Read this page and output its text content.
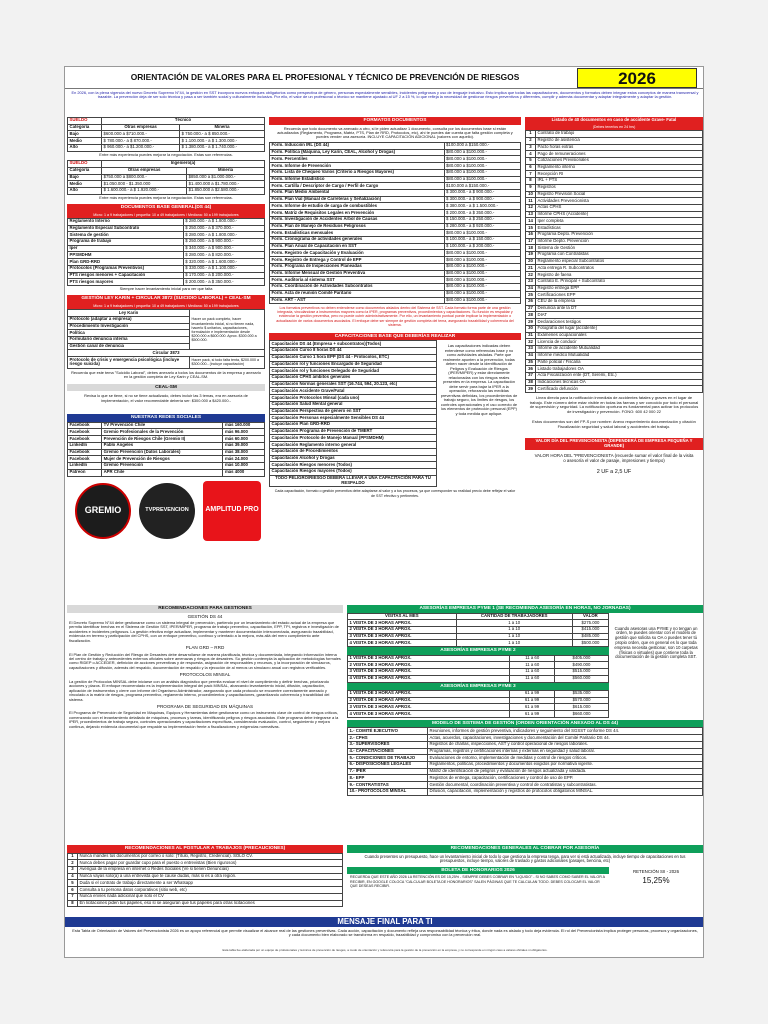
ORIENTACIÓN DE VALORES PARA EL PROFESIONAL Y TÉCNICO DE PREVENCIÓN DE RIESGOS	2026
En 2026, con la plena vigencia del nuevo Decreto Supremo N°44, la gestión en SST incorpora nuevos enfoques obligatorios como perspectiva de género, personas especialmente sensibles, incidentes peligrosos y uso de lenguaje inclusivo. Esto implica que todas las capacitaciones, documentos y formatos deben integrar estos conceptos de manera transversal y trazable. La prevención deja de ser solo técnica y pasa a ser también social y culturalmente inclusiva. Por ello, el valor de un profesional o técnico se mantiene ajustado al UF 2 a 15 %, lo que refleja la necesidad de gestionar riesgos preventivos y diferentes, cumplir y además documentar y adaptar integralmente y adaptar la gestión.
SUELDO	Técnico	
Categoría	Otras empresas	Minería
Bajo	$600.000 a $710.000.-	$ 750.000.- a $ 850.000.-
Medio	$ 780.000.- a $ 870.000.-	$ 1.100.000.- a $ 1.300.000.-
Alto	$ 960.000.- a $1.200.000.-	$ 1.380.000.- a $ 1.740.000.-
Entre más experiencia puedes mejorar la negociación. Estas son referencias.
SUELDO	Ingeniero(a)	
Categoría	Otras empresas	Minería
Bajo	$750.000 a $800.000.-	$850.000 a $1.000.000.-
Medio	$1.050.000 - $1.350.000	$1.400.000 a $1.780.000.-
Alto	$ 1.600.000.- a $ 1.920.000.-	$1.850.000 a $2.580.000.-
Entre más experiencia puedes mejorar la negociación. Estas son referencias.
DOCUMENTOS BASE GENERAL(DS 44)
Micro: 1 a 9 trabajadores / pequeña: 10 a 49 trabajadores / Mediana: 50 a 199 trabajadores
Reglamento Interno	$ 280.000.- a $ 1.800.000.-
Reglamento Especial Subcontrato	$ 250.000.- a $ 370.000.-
Sistema de gestión	$ 280.000.- a $ 1.800.000.-
Programa de trabajo	$ 250.000.- a $ 900.000.-
Iper	$ 340.000.- a $ 900.000.-
PPSMDHM	$ 280.000.- a $ 820.000.-
Plan GRD-RRD	$ 320.000.- a $ 1.600.000.-
Protocolos (Programas Preventivos)	$ 330.000.- a $ 1.100.000.-
PTS riesgos menores + Capacitación	$ 170.000.- a $ 200.000.-
PTS riesgos mayores	$ 200.000.- a $ 350.000.-
Siempre hacer levantamiento inicial para ver que falta
GESTIÓN LEY KARIN + CIRCULAR 3872 (SUICIDIO LABORAL) + CEAL-SM
Micro: 1 a 9 trabajadores / pequeña: 10 a 49 trabajadores / Mediana: 50 a 199 trabajadores
Ley Karin	Hacer un pack completo, hacer levantamiento inicial, si no tienen nada, hacerlo $ unitarios, capacitaciones, formulación e implementación desde $200.000 a $600.000. Aprox. $300.000 a $500.000.
Protocolo (adaptar a empresa)	
Procedimiento Investigación	
Política	
Formulario denuncia interna	
Gestión canal de denuncia	
Circular 3873	
Protocolo de crisis y emergencia psicológica (incluye riesgo suicida)	Hacer pack, si todo falta tenta, $200.000 a $300.000.- (incluye capacitación)
Recuerda que este tema "Suicidio Laboral", debes anexarlo a todos los documentos de la empresa y anexarlo en la gestión completa de Ley Karin y CEAL-SM.
CEAL-SM
Revisa lo que se tiene, si no se tiene actualizado, debes incluir las 3 temas, era en asesoría de implementación, el valor recomendable debería ser: $300.000 a $420.000.-
NUESTRAS REDES SOCIALES
Facebook	TV Prevención Chile	más 160.000
Facebook	Gremio Profesionales de la Prevención	más 96.000
Facebook	Prevención de Riesgos Chile (Gremio II)	más 60.000
LinkedIn	Pablo Ángeles	más 39.000
Facebook	Gremio Prevención (Datos Laborales)	más 38.000
Facebook	Mujer de Prevención de Riesgos	más 24.000
LinkedIn	Gremio Prevención	más 10.000
Patreon	APR Chile	más 4000
GREMIO	TVPREVENCION AMPLITUD PRO
FORMATOS DOCUMENTOS
Recuerda que todo documento va anexado a otro, si le piden actualizar 1 documento, consulta por los documentos base si están actualizados (Reglamento, Programa, Matriz, PTS, Plan de RRD, Protocolos, etc), ahí te puedes dar cuenta que falta gestión completa y puedes vender una asesoría. INCLUYE CAPACITACIÓN ADICIONAL (valores con aquello).
Form. Inducción IRL (DS 44)	$100.000 a $150.000.-
Form. Política (Máquina, Ley Karin, CEAL, Alcohol y Drogas)	$80.000 a $100.000.-
Form. Percentiles	$80.000 a $100.000.-
Form. Informe de Prevención	$80.000 a $100.000.-
Form. Lista de Chequeo Varios (Criterio a Riesgos Mayores)	$80.000 a $100.000.-
Form. Informe Estadístico	$80.000 a $100.000.-
Form. Cartilla / Descriptor de Cargo / Perfil de Cargo	$100.000 a $150.000.-
Form. Plan Medio Ambiental	$ 300.000.- a $ 900.000.-
Form. Plan Vial (Manual de Carreteras y Señalización)	$ 300.000.- a $ 900.000.-
Form. Informe de estudio de carga de combustibles	$ 380.000.- a $ 1.500.000.-
Form. Matriz de Requisitos Legales en Prevención	$ 200.000.- a $ 350.000.-
Form. Investigación de Accidentes Árbol de Causas	$ 150.000.- a $ 250.000.-
Form. Plan de Manejo de Residuos Peligrosos	$ 280.000.- a $ 920.000.-
Form. Estadísticas mensuales	$80.000 a $100.000.-
Form. Cronograma de actividades generales	$ 100.000.- a $ 150.000.-
Form. Plan Anual de Capacitación en SST	$ 100.000.- a $ 200.000.-
Form. Registro de Capacitación y Evaluación	$80.000 a $100.000.-
Form. Registro de Entrega y Control de EPP	$80.000 a $100.000.-
Form. Programa de Inspecciones Planeadas	$80.000 a $100.000.-
Form. Informe Mensual de Gestión Preventiva	$80.000 a $100.000.-
Form. Auditoría al sistema SST	$80.000 a $100.000.-
Form. Coordinación de Actividades Subcontratos	$80.000 a $100.000.-
Form. Acta de reunión Comité Paritario	$80.000 a $100.000.-
Form. ART - AST	$80.000 a $100.000.-
Los formatos preventivos no deben entenderse como documentos aislados dentro del Sistema de SST. Cada formato forma parte de una gestión integrada, vinculándose a instrumentos mayores como la IPER, programas preventivos, procedimientos y capacitaciones. Su función es respaldar y evidenciar la gestión preventiva, pero no puede cubrir administrativamente. Por ello, un levantamiento puntual puede implicar la implementación o actualización de varios documentos asociados. El enfoque debe ser siempre de gestión completa del tema, asegurando trazabilidad y coherencia del sistema.
CAPACITACIONES BASE QUE DEBERÍAS REALIZAR
Capacitación DS 44 (Empresa + subcontratos)(Todos)
Capacitación Curso 8 horas DS 44
Capacitación Curso 1 hora EPP (DS 44 - Protocolos, ETC)
Capacitación rol y funciones Encargado de Seguridad
Capacitación rol y funciones Delegado de Seguridad
Capacitación CPHS ámbitos generales
Capacitación Normas generales SST (16.744, 594, 20.123, etc)
Capacitación Accidente Grave/Fatal
Capacitación Protocolos Minsal (cada uno)
Capacitación Salud Mental general
Capacitación Perspectiva de género en SST
Capacitación Personas especialmente Sensibles DS 44
Capacitación Plan GRD-RRD
Capacitación Programa de Prevención de TMERT
Capacitación Protocolo de Manejo Manual (PPSMDHM)
Capacitación Reglamento interno general
Capacitación de Procedimientos
Capacitación Alcohol y Drogas
Capacitación Riesgos menores (Todos)
Capacitación Riesgos mayores (Todos)
TODO PELIGRO/RIESGO DEBERÁ LLEVAR A UNA CAPACITACIÓN PARA TU RESPALDO
Las capacitaciones indicadas deben entenderse como referencias base y no como actividades aisladas. Parte que realmente apunten a la prevención, todas deben nacer desde la identificación de Peligros y Evaluación de Riesgos (IPER/MIPER) y estar directamente relacionadas con los riesgos reales presentes en la empresa. La capacitación debe servir para bajar la IPER a la operación, reforzando las medidas preventivas definidas, los procedimientos de trabajo seguro, los límites de riesgos, los controles operacionales y el uso correcto de los elementos de protección personal (EPP) y toda medida que aplique.
Cada capacitación, formato o gestión preventiva debe adaptarse al valor y a tus procesos, ya que corresponder su realidad precio debe reflejar el valor de SST efectivo y pertinentes.
Listado de 40 documentos en caso de accidente Grave- Fatal
(Debes tenerlos en 24 hrs)
1	Contrato de trabajo
2	Registro de asistencia
3	Pacto horas extras
4	Pago de remuneraciones
5	Cotizaciones Previsionales
6	Reglamento interno
7	Recepción RI
8	IRL + PTS
9	Registros
10	Registro Previsión Social
11	Actividades Prevencionista
12	Actas CPHS
13	Informe CPHS (Accidente)
14	Iper completa
15	Estadísticas
16	Programa Depto. Prevención
17	Informe Depto. Prevención
18	Sistema de Gestión
19	Programa con Contratistas
20	Reglamento especial Subcontratos
21	Acta entrega R. Subcontratos
22	Registro de faena
23	Contrato E. Principal + Subcontrato
24	Registro entrega EPP
25	Certificaciones EPP
26	CEU de la empresa
27	Denuncia ante la DT
28	DIAT
29	Declaraciones testigos
30	Fotografía del lugar [accidente]
31	Exámenes ocupacionales
32	Licencia de conducir
33	Informe de accidente Mutualidad
34	Informe médico Mutualidad
35	Parte policial / Fiscalía
36	Listado trabajadores OA
37	Acta Fiscalización ente (DT, Seremi, Etc.)
38	Indicaciones técnicas OA
39	Certificado defunción
Línea directa para la notificación inmediata de accidentes fatales y graves en el lugar de trabajo. Este número debe estar visible en todas las faenas y ser conocido por todo el personal de supervisión y seguridad. La notificación oportuna es fundamental para activar los protocolos de investigación y prevención. FONO: 600 42 000 22
Estos documentos son del FP-S por nombre: Anexo requerimiento documentación y citación Fiscalización seguridad y salud laboral y accidentes del trabajo.
VALOR DÍA DEL PREVENCIONISTA (DEPENDERÁ DE EMPRESA PEQUEÑA Y GRANDE)
VALOR HORA DEL "PREVENCIONISTA (recuerde sumar el valor final de la visita o asesoría el valor de pasaje, impresiones y tiempo)
2 UF a 2,5 UF
RECOMENDACIONES PARA GESTIONES
GESTIÓN DS 44
El Decreto Supremo N°44 debe gestionarse como un sistema integral de prevención, partiendo por un levantamiento del estado actual de la empresa que permita identificar brechas en el Sistema de Gestión SST, IPER/MIPER, programa de trabajo preventivo, capacitación, EPP, TPI, registros e investigación de accidentes e incidentes peligrosos. La gestión efectiva exige actualizar, implementar y mantener documentación interconectada, asegurando trazabilidad, evidencia en terreno y participación del CPHS, con un enfoque preventivo, continuo y orientado a la mejora, más allá del mero cumplimiento ante fiscalización.
PLAN GRD – RRD
El Plan de Gestión y Reducción del Riesgo de Desastres debe desarrollarse de manera planificada, técnica y documentada, integrando información interna del centro de trabajo y antecedentes externos oficiales sobre amenazas y riesgos de desastres. Su gestión contempla la aplicación de metodologías formales como RIDEP o ACCEDER, definición de acciones preventivas y de respuesta, asignación de responsables y recursos, y la incorporación de simulacros, capacitaciones y difusión, además del respaldo, documentación de respaldo y la ejecución de al menos un simulacro anual con registros verificables.
PROTOCOLOS MINSAL
La gestión de Protocolos MINSAL debe iniciarse con un análisis diagnóstico que permita evaluar el nivel de cumplimiento y definir brechas, priorizando acciones y plazos. El enfoque recomendado es la implementación integral del pack MINSAL, abarcando levantamiento inicial, difusión, capacitación, aplicación de instrumentos y cierre con informe del Organismo Administrador, asegurando que cada protocolo se encuentre correctamente anexado y vinculado a la matriz de riesgos, programa preventivo, reglamento interno, procedimientos y capacitaciones, garantizando coherencia y trazabilidad del sistema.
PROGRAMA DE SEGURIDAD EN MÁQUINAS
El Programa de Prevención de Seguridad en Máquinas, Equipos y Herramientas debe gestionarse como un instrumento clave de control de riesgos críticos, comenzando con el levantamiento detallado de máquinas, procesos y tareas, identificando peligros y riesgos asociados. Este programa debe integrarse a la IPER, procedimientos de trabajo seguro, controles operacionales y capacitaciones específicas, considerando evaluación, control, seguimiento y mejora continua, dejando evidencia documental que respalde su implementación frente a fiscalizaciones y exigencias normativas.
ASESORÍAS EMPRESAS PYME 1 (SE RECOMIENDA ASESORÍA EN HORAS, NO JORNADAS)
VISITAS AL MES	CANTIDAD DE TRABAJADORES	VALOR
1 VISITA DE 3 HORAS APROX.	1 a 10	$275.000
2 VISITA DE 3 HORAS APROX.	1 a 10	$415.000
3 VISITA DE 3 HORAS APROX.	1 a 10	$485.000
4 VISITA DE 3 HORAS APROX.	1 a 10	$500.000
ASESORÍAS EMPRESAS PYME 2
1 VISITA DE 3 HORAS APROX.	11 a 60	$405.000
2 VISITA DE 3 HORAS APROX.	11 a 60	$490.000
3 VISITA DE 3 HORAS APROX.	11 a 60	$515.000
4 VISITA DE 3 HORAS APROX.	11 a 60	$560.000
ASESORÍAS EMPRESAS PYME 3
1 VISITA DE 3 HORAS APROX.	61 a 99	$535.000
2 VISITA DE 3 HORAS APROX.	61 a 99	$570.000
3 VISITA DE 3 HORAS APROX.	61 a 99	$615.000
4 VISITA DE 3 HORAS APROX.	61 a 99	$660.000
Cuando asesoras una PYME y no tengan un orden, te puedes orientar con el modelo de gestión que solicita su OA o puedes tener tú propio orden, que en general es lo que toda empresa necesita gestionar, son 10 carpetas (físicas o virtuales) que contiene toda la documentación de la gestión completa SST.
MODELO DE SISTEMA DE GESTIÓN (ORDEN ORIENTACIÓN ANEXADO AL DS 44)
1.- COMITÉ EJECUTIVO	Reuniones, informes de gestión preventiva, indicadores y seguimiento del SGSST conforme DS 44.
2.- CPHS	Actas, acuerdos, capacitaciones, investigaciones y documentación del Comité Paritario DS 44.
3.- SUPERVISORES	Registros de charlas, inspecciones, AST y control operacional de riesgos laborales.
4.- CAPACITACIONES	Programas, registros y certificaciones internas y externas en seguridad y salud laboral.
5.- CONDICIONES DE TRABAJO	Evaluaciones de entorno, implementación de medidas y control de riesgos críticos.
6.- DISPOSICIONES LEGALES	Reglamentos, políticas, procedimientos y documentos exigidos por normativa vigente.
7.- IPER	Matriz de identificación de peligros y evaluación de riesgos actualizada y validada.
8.- EPP	Registros de entrega, capacitación, certificaciones y control de uso de EPP.
9.- CONTRATISTAS	Gestión documental, coordinación preventiva y control de contratistas y subcontratistas.
10.- PROTOCOLOS MINSAL	Difusión, capacitación, implementación y registros de protocolos obligatorios MINSAL.
RECOMENDACIONES AL POSTULAR A TRABAJOS (PRECAUCIONES)
1	Nunca mandes tus documentos por correo o solo: (Título, Registro, Credencial). SOLO CV.
2	Nunca debes pagar por guardar cupo para el puesto o entrevistas (Bien rigurosos)
3	Averigua de la empresa en internet o Redes Sociales (Ve si tienen Denuncias)
4	Nunca vayas solo(a) a una entrevista que te cause dudas, más si es a otra región.
5	Duda si el contrato de trabajo directamente a ser Whatsapp
6	Consulta a tu persona datos corporativos (sitio web, etc)
7	Nunca envíes nada adicional que solo el CV
8	En licitaciones piden tus papeles, eso sí se aseguran que tus papeles para otras licitaciones
RECOMENDACIONES GENERALES AL COBRAR POR ASESORÍA
Cuando presentes un presupuesto, hace un levantamiento inicial de todo lo que gestiona la empresa tenga, para ver si está actualizada, incluye tiempo de capacitaciones en tus presupuestos, incluye tiempo, valores de traslado y gastos adicionales (pasajes, bencina, etc)
BOLETA DE HONORARIOS 2026
RECUERDA QUE ESTE AÑO 2026 LA RETENCIÓN ES DE 15,25% - SIEMPRE DEBES COBRAR EN "LIQUIDO" - SI NO SABES COMO SABER EL VALOR A RECIBIR, EN GOOGLE COLOCA "CALCULAR BOLETA DE HONORARIOS" SALEN PÁGINAS QUE TE CALCULAN TODO. DEBES COLOCAR EL VALOR QUE DESEAS RECIBIR.
RETENCIÓN SII - 2026
15,25%
MENSAJE FINAL PARA TI
Esta Tabla de Orientación de Valores del Prevencionista 2026 es un apoyo referencial que permite visualizar el alcance real de las gestiones preventivas. Cada acción, capacitación y documento refleja una responsabilidad técnica y ética, donde nada es aislado y todo deja evidencia. El rol del Prevencionista implica proteger personas, procesos y organizaciones, y cada documento bien elaborado se transforma en respaldo, trazabilidad y compromiso con la prevención real.
Esta tabla fue elaborada por un equipo de profesionales y técnicos de prevención de riesgos, a modo de orientación y referencia para la gestión de la prevención en la empresa, y no corresponde en ningún caso a valores oficiales ni obligatorios.
